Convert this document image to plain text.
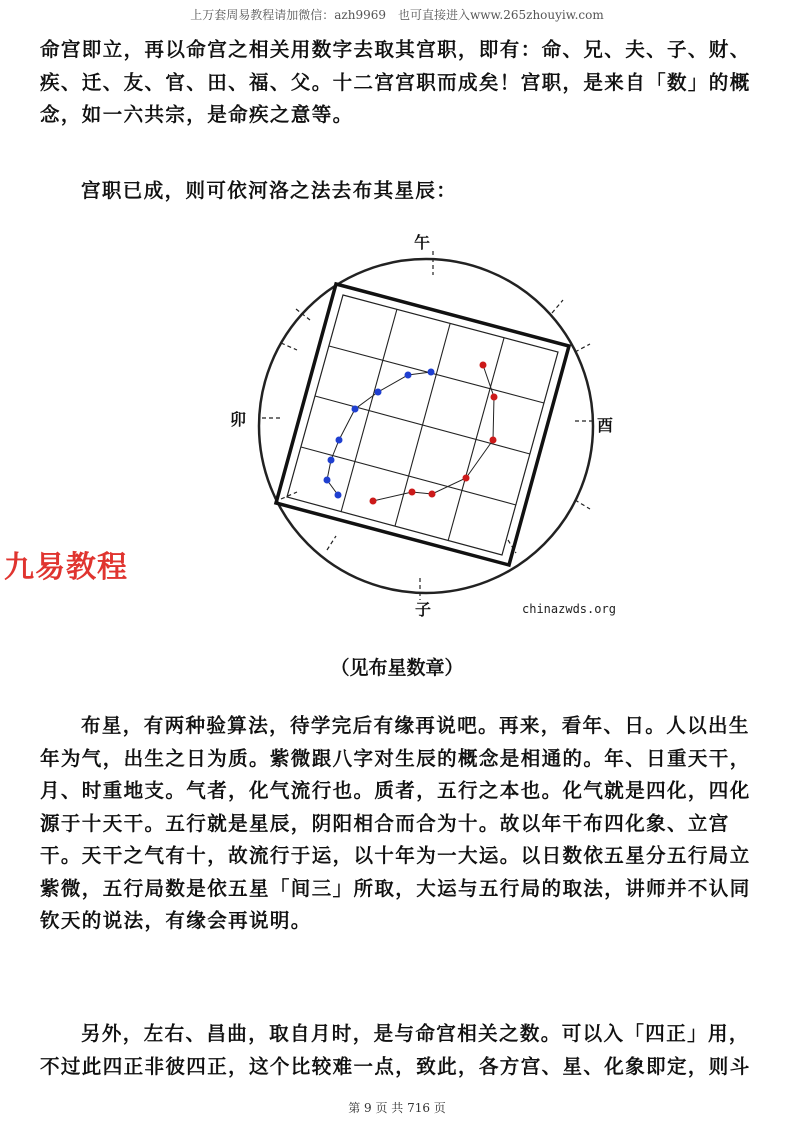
上万套周易教程请加微信：azh9969　也可直接进入www.265zhouyiw.com

命宫即立，再以命宫之相关用数字去取其宫职，即有：命、兄、夫、子、财、疾、迁、友、官、田、福、父。十二宫宫职而成矣！宫职，是来自「数」的概念，如一六共宗，是命疾之意等。

宫职已成，则可依河洛之法去布其星辰：

午
卯	酉
子
九易教程
chinazwds.org
（见布星数章）

布星，有两种验算法，待学完后有缘再说吧。再来，看年、日。人以出生年为气，出生之日为质。紫微跟八字对生辰的概念是相通的。年、日重天干，月、时重地支。气者，化气流行也。质者，五行之本也。化气就是四化，四化源于十天干。五行就是星辰，阴阳相合而合为十。故以年干布四化象、立宫干。天干之气有十，故流行于运，以十年为一大运。以日数依五星分五行局立紫微，五行局数是依五星「间三」所取，大运与五行局的取法，讲师并不认同钦天的说法，有缘会再说明。

另外，左右、昌曲，取自月时，是与命宫相关之数。可以入「四正」用，不过此四正非彼四正，这个比较难一点，致此，各方宫、星、化象即定，则斗

第 9 页 共 716 页
